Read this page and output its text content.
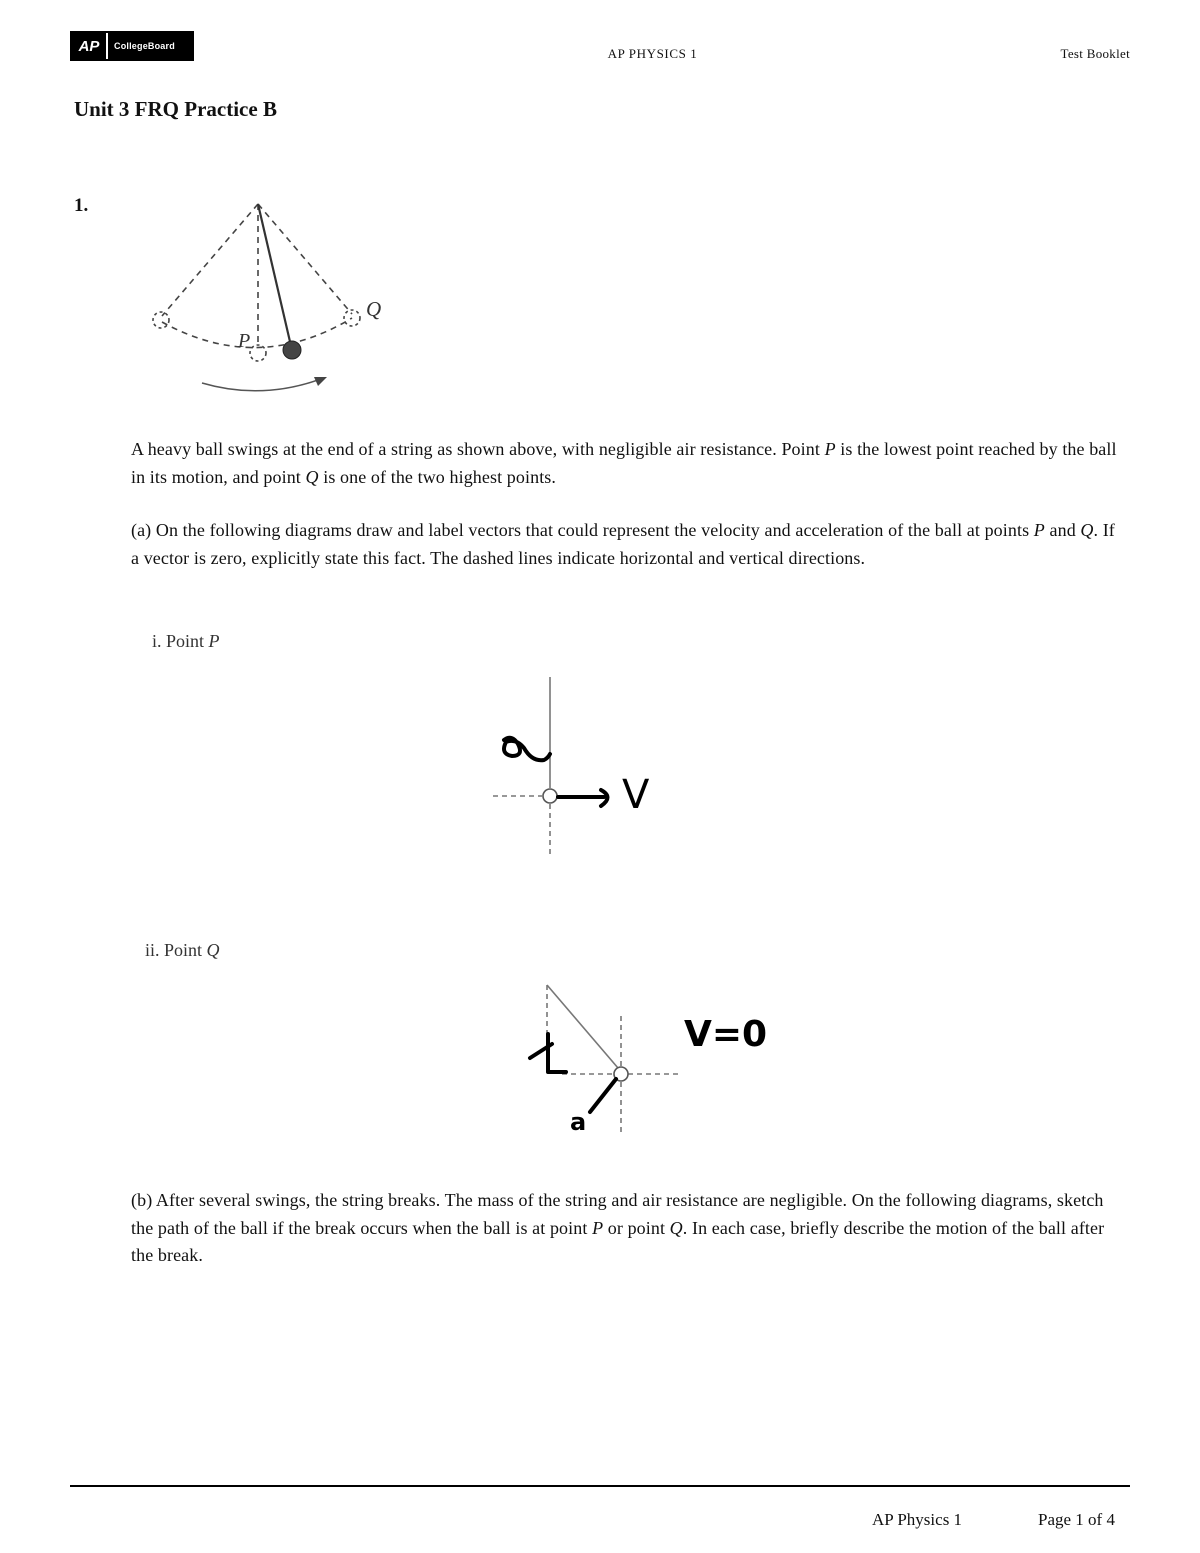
AP	CollegeBoard	AP PHYSICS 1	Test Booklet
Unit 3 FRQ Practice B
1.
P
Q
A heavy ball swings at the end of a string as shown above, with negligible air resistance. Point P is the lowest point reached by the ball in its motion, and point Q is one of the two highest points.
(a) On the following diagrams draw and label vectors that could represent the velocity and acceleration of the ball at points P and Q. If a vector is zero, explicitly state this fact. The dashed lines indicate horizontal and vertical directions.
i. Point P
V
a
ii. Point Q
V=0
a
⊥
(b) After several swings, the string breaks. The mass of the string and air resistance are negligible. On the following diagrams, sketch the path of the ball if the break occurs when the ball is at point P or point Q. In each case, briefly describe the motion of the ball after the break.
AP Physics 1	Page 1 of 4
